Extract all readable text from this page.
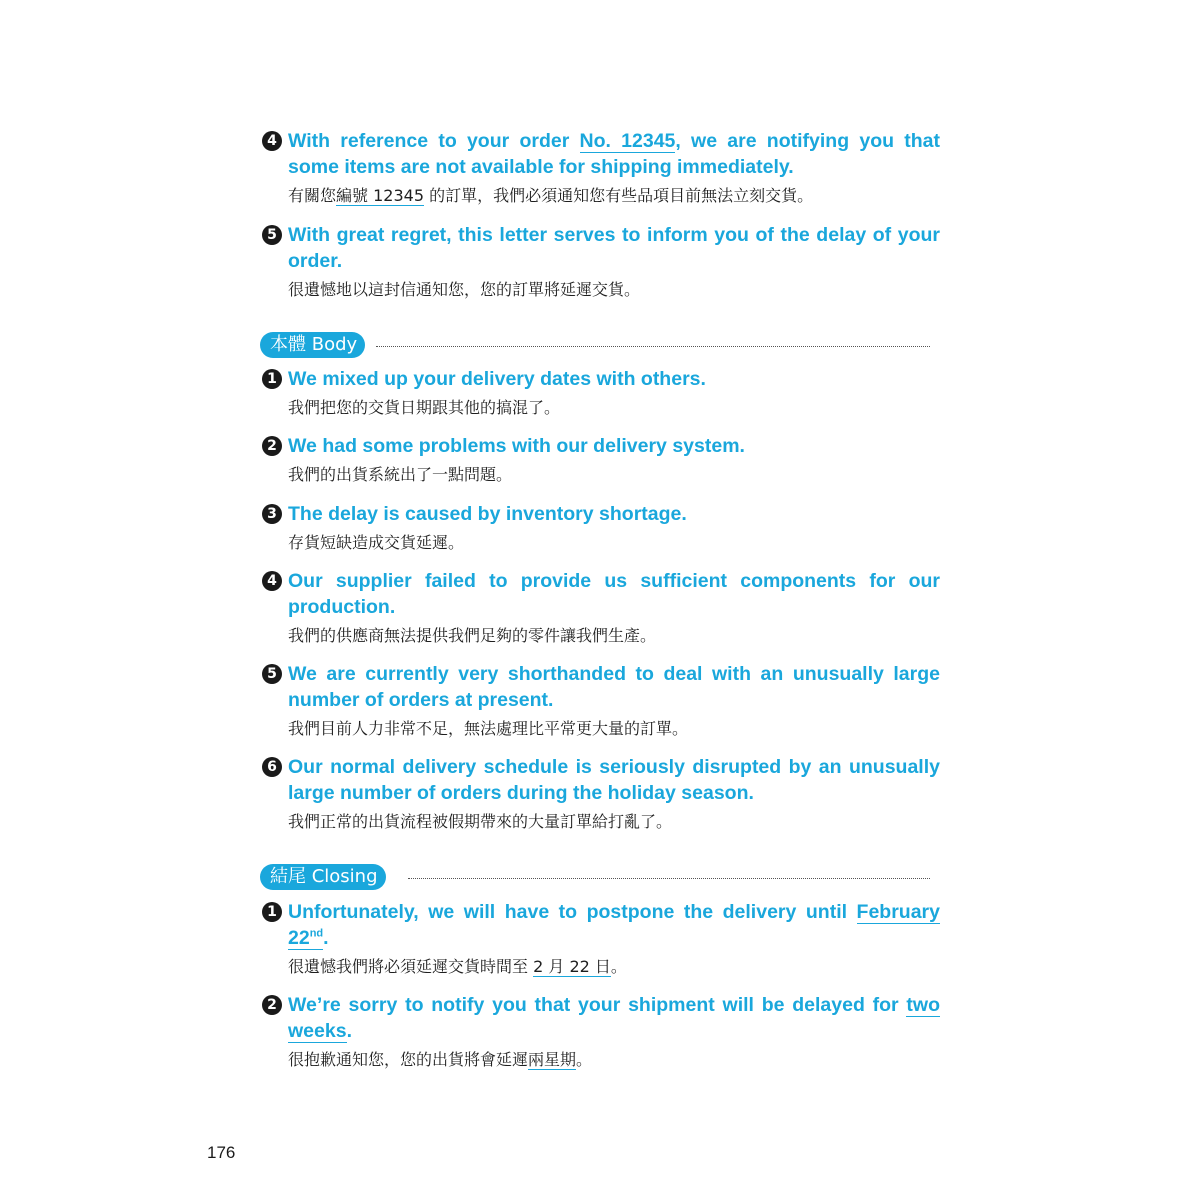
4 With reference to your order No. 12345, we are notifying you that some items are not available for shipping immediately.
有關您編號 12345 的訂單，我們必須通知您有些品項目前無法立刻交貨。
5 With great regret, this letter serves to inform you of the delay of your order.
很遺憾地以這封信通知您，您的訂單將延遲交貨。
本體 Body
1 We mixed up your delivery dates with others.
我們把您的交貨日期跟其他的搞混了。
2 We had some problems with our delivery system.
我們的出貨系統出了一點問題。
3 The delay is caused by inventory shortage.
存貨短缺造成交貨延遲。
4 Our supplier failed to provide us sufficient components for our production.
我們的供應商無法提供我們足夠的零件讓我們生產。
5 We are currently very shorthanded to deal with an unusually large number of orders at present.
我們目前人力非常不足，無法處理比平常更大量的訂單。
6 Our normal delivery schedule is seriously disrupted by an unusually large number of orders during the holiday season.
我們正常的出貨流程被假期帶來的大量訂單給打亂了。
結尾 Closing
1 Unfortunately, we will have to postpone the delivery until February 22nd.
很遺憾我們將必須延遲交貨時間至 2 月 22 日。
2 We’re sorry to notify you that your shipment will be delayed for two weeks.
很抱歉通知您，您的出貨將會延遲兩星期。
176
